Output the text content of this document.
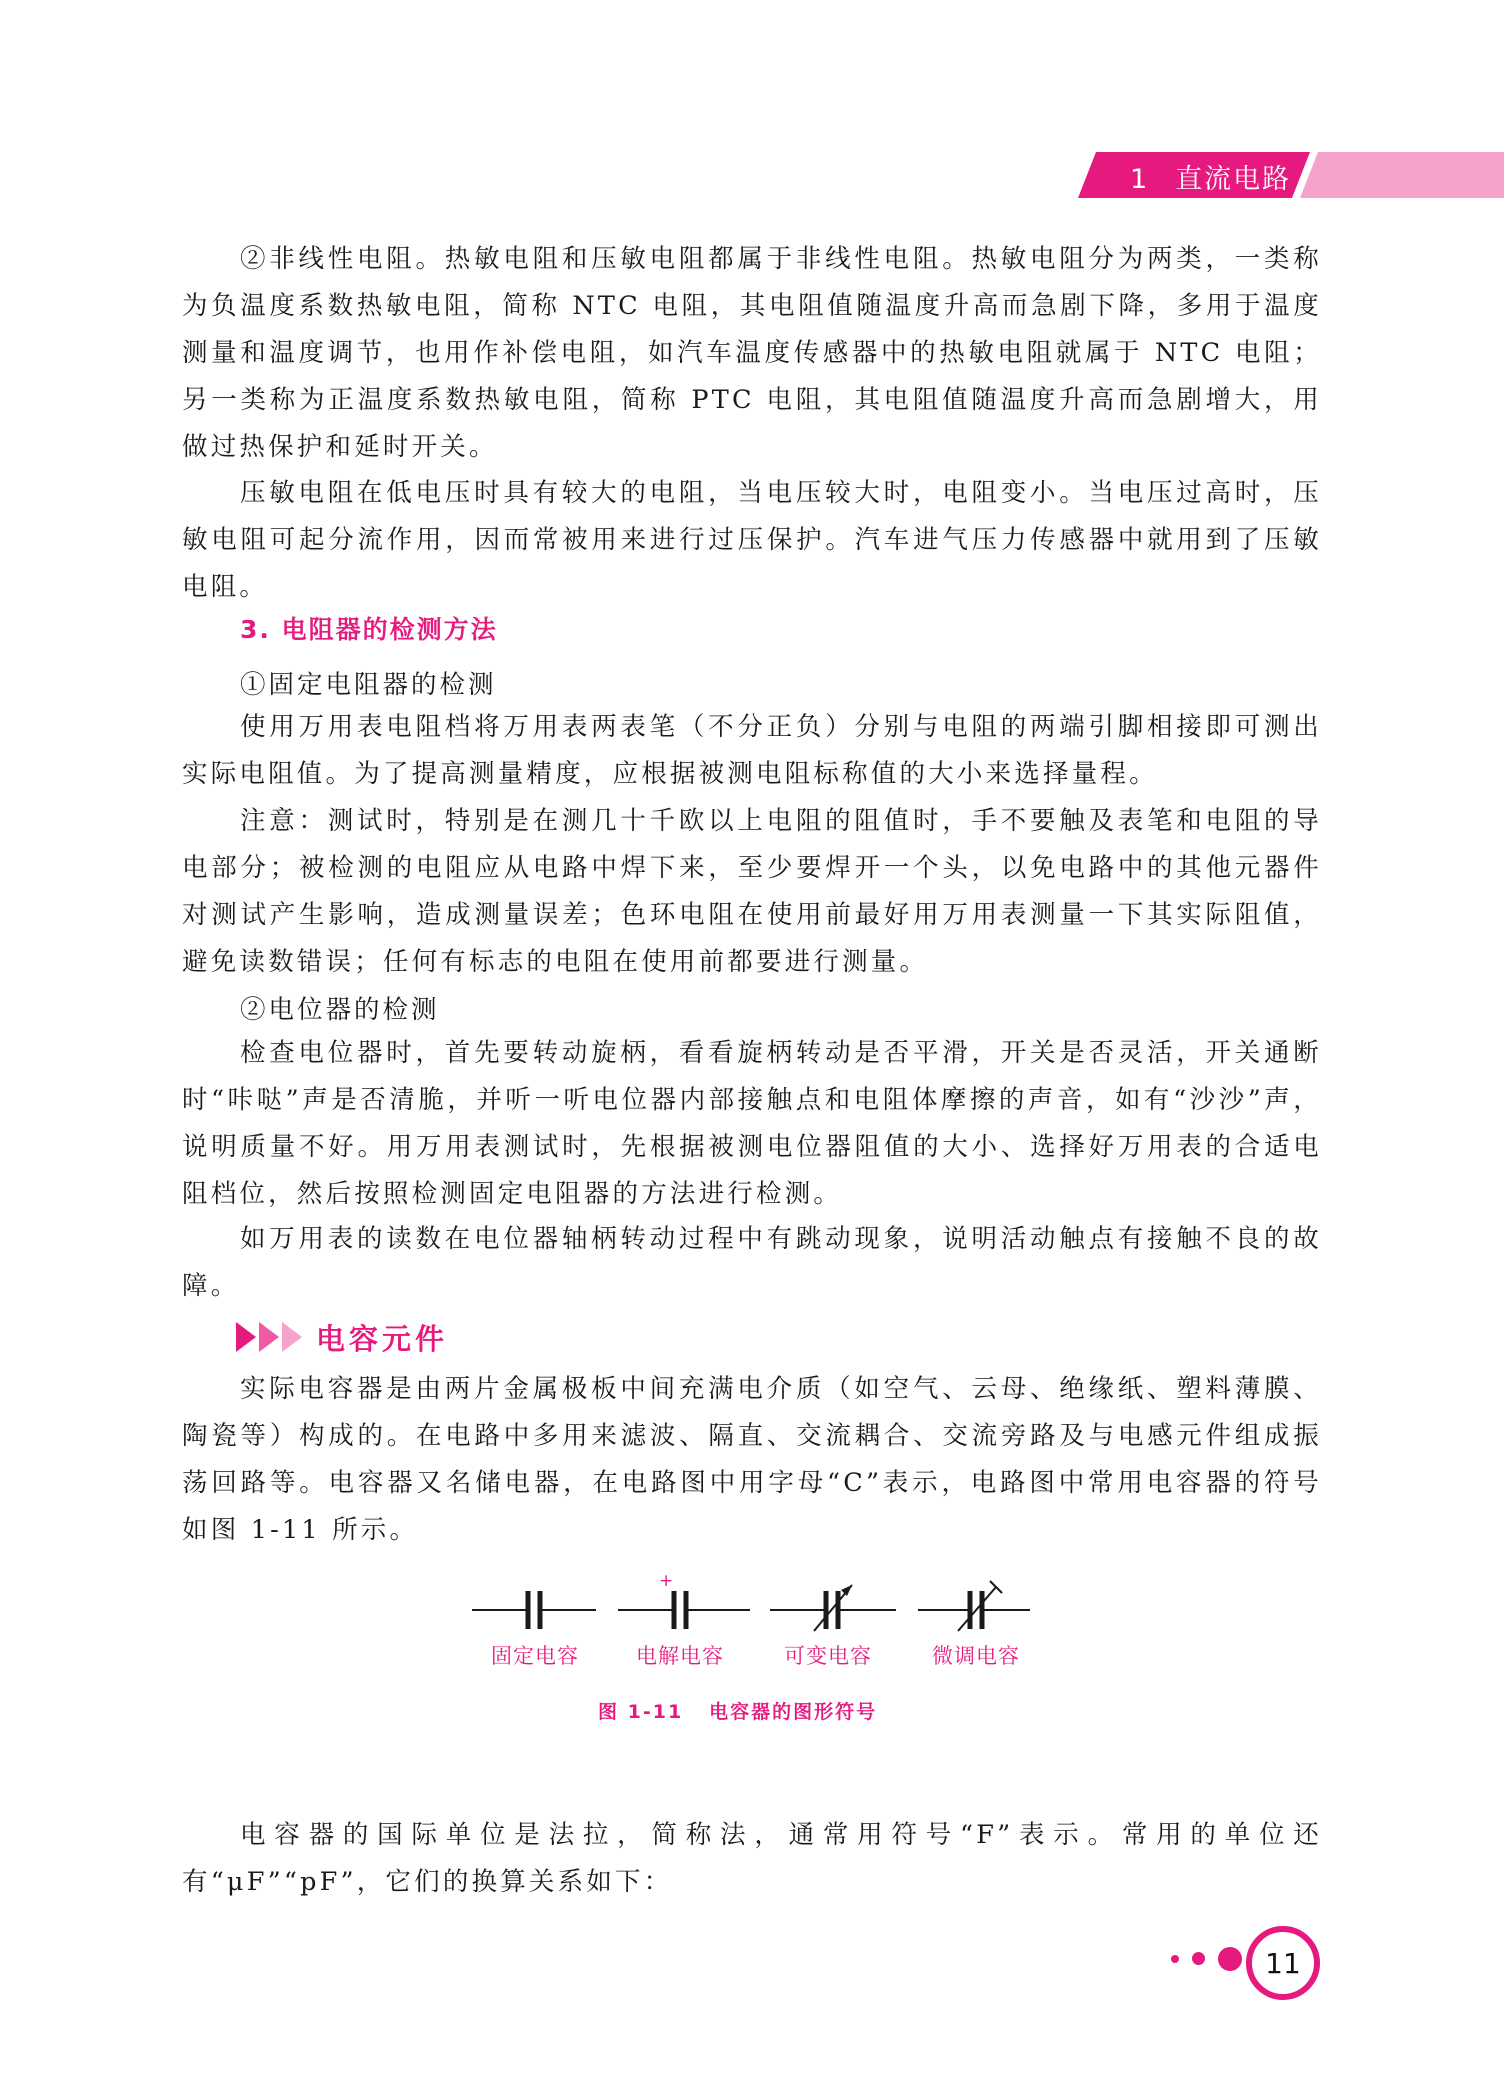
1 直流电路

②非线性电阻。热敏电阻和压敏电阻都属于非线性电阻。热敏电阻分为两类，一类称为负温度系数热敏电阻，简称 NTC 电阻，其电阻值随温度升高而急剧下降，多用于温度测量和温度调节，也用作补偿电阻，如汽车温度传感器中的热敏电阻就属于 NTC 电阻；另一类称为正温度系数热敏电阻，简称 PTC 电阻，其电阻值随温度升高而急剧增大，用做过热保护和延时开关。

压敏电阻在低电压时具有较大的电阻，当电压较大时，电阻变小。当电压过高时，压敏电阻可起分流作用，因而常被用来进行过压保护。汽车进气压力传感器中就用到了压敏电阻。

3. 电阻器的检测方法
①固定电阻器的检测

使用万用表电阻档将万用表两表笔（不分正负）分别与电阻的两端引脚相接即可测出实际电阻值。为了提高测量精度，应根据被测电阻标称值的大小来选择量程。

注意：测试时，特别是在测几十千欧以上电阻的阻值时，手不要触及表笔和电阻的导电部分；被检测的电阻应从电路中焊下来，至少要焊开一个头，以免电路中的其他元器件对测试产生影响，造成测量误差；色环电阻在使用前最好用万用表测量一下其实际阻值，避免读数错误；任何有标志的电阻在使用前都要进行测量。

②电位器的检测

检查电位器时，首先要转动旋柄，看看旋柄转动是否平滑，开关是否灵活，开关通断时“咔哒”声是否清脆，并听一听电位器内部接触点和电阻体摩擦的声音，如有“沙沙”声，说明质量不好。用万用表测试时，先根据被测电位器阻值的大小、选择好万用表的合适电阻档位，然后按照检测固定电阻器的方法进行检测。

如万用表的读数在电位器轴柄转动过程中有跳动现象，说明活动触点有接触不良的故障。

电容元件

实际电容器是由两片金属极板中间充满电介质（如空气、云母、绝缘纸、塑料薄膜、陶瓷等）构成的。在电路中多用来滤波、隔直、交流耦合、交流旁路及与电感元件组成振荡回路等。电容器又名储电器，在电路图中用字母“C”表示，电路图中常用电容器的符号如图 1-11 所示。

+
固定电容	电解电容	可变电容	微调电容
图 1-11 电容器的图形符号

电容器的国际单位是法拉，简称法，通常用符号“F”表示。常用的单位还有“μF”“pF”，它们的换算关系如下：

11
